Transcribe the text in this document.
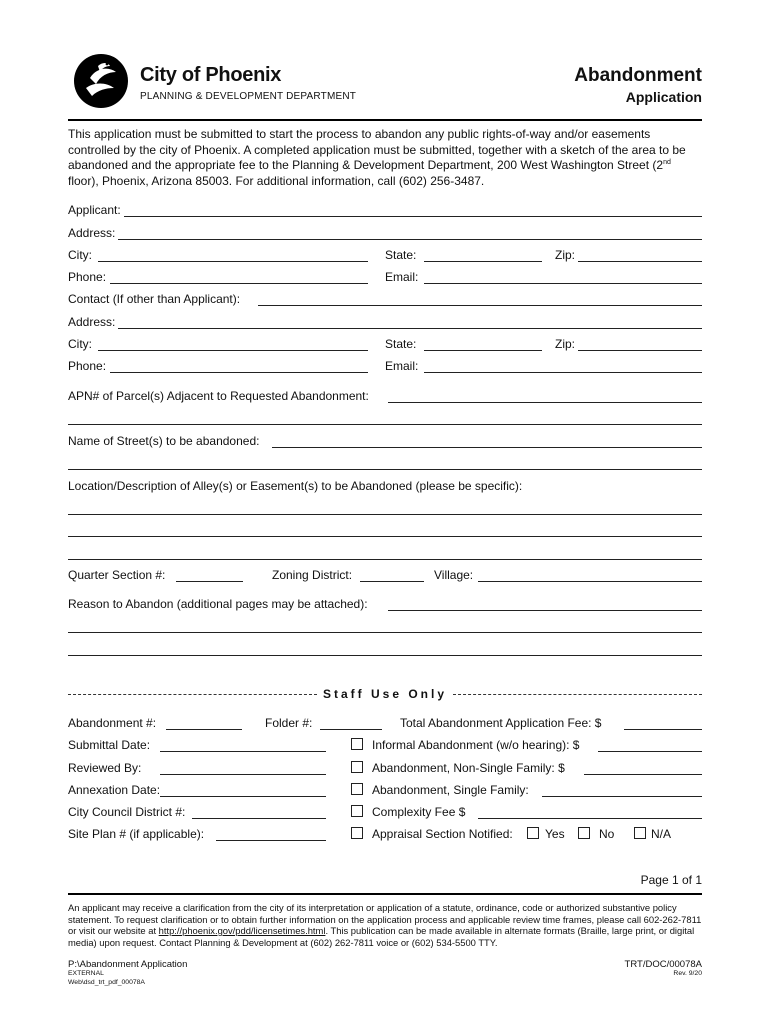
City of Phoenix
PLANNING & DEVELOPMENT DEPARTMENT
Abandonment
Application
This application must be submitted to start the process to abandon any public rights-of-way and/or easements controlled by the city of Phoenix. A completed application must be submitted, together with a sketch of the area to be abandoned and the appropriate fee to the Planning & Development Department, 200 West Washington Street (2nd floor), Phoenix, Arizona 85003. For additional information, call (602) 256-3487.
Applicant:
Address:
City:	State:	Zip:
Phone:	Email:
Contact (If other than Applicant):
Address:
City:	State:	Zip:
Phone:	Email:
APN# of Parcel(s) Adjacent to Requested Abandonment:
Name of Street(s) to be abandoned:
Location/Description of Alley(s) or Easement(s) to be Abandoned (please be specific):
Quarter Section #:	Zoning District:	Village:
Reason to Abandon (additional pages may be attached):
Staff Use Only
Abandonment #:	Folder #:	Total Abandonment Application Fee: $
Submittal Date:	Informal Abandonment (w/o hearing): $
Reviewed By:	Abandonment, Non-Single Family: $
Annexation Date:	Abandonment, Single Family:
City Council District #:	Complexity Fee $
Site Plan # (if applicable):	Appraisal Section Notified:	Yes	No	N/A
Page 1 of 1
An applicant may receive a clarification from the city of its interpretation or application of a statute, ordinance, code or authorized substantive policy statement. To request clarification or to obtain further information on the application process and applicable review time frames, please call 602-262-7811 or visit our website at http://phoenix.gov/pdd/licensetimes.html. This publication can be made available in alternate formats (Braille, large print, or digital media) upon request. Contact Planning & Development at (602) 262-7811 voice or (602) 534-5500 TTY.
P:\Abandonment Application
EXTERNAL
Web\dsd_trt_pdf_00078A
TRT/DOC/00078A
Rev. 9/20
